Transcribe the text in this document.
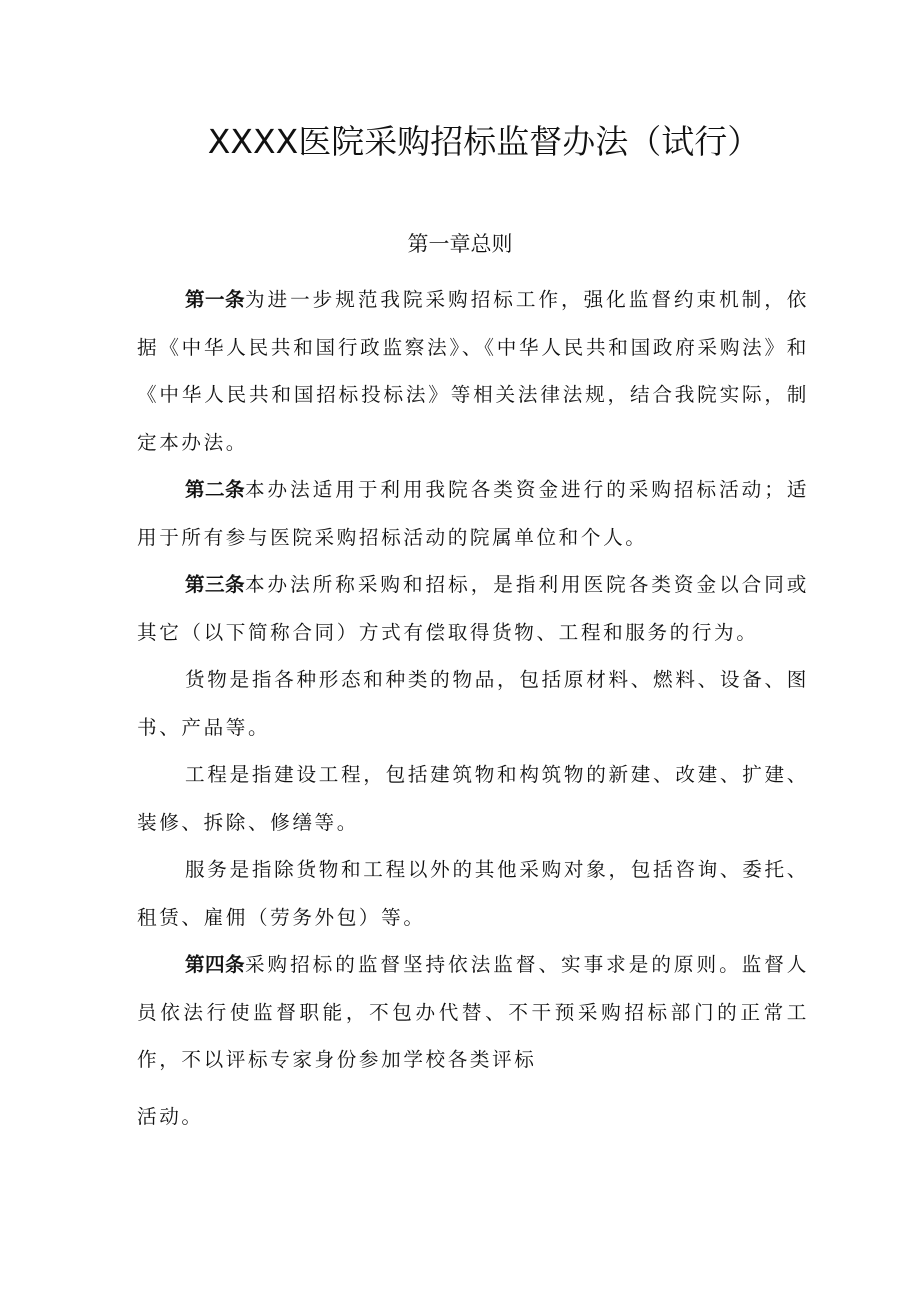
XXXX医院采购招标监督办法（试行）
第一章总则

第一条为进一步规范我院采购招标工作，强化监督约束机制，依据《中华人民共和国行政监察法》、《中华人民共和国政府采购法》和《中华人民共和国招标投标法》等相关法律法规，结合我院实际，制定本办法。

第二条本办法适用于利用我院各类资金进行的采购招标活动；适用于所有参与医院采购招标活动的院属单位和个人。

第三条本办法所称采购和招标，是指利用医院各类资金以合同或其它（以下简称合同）方式有偿取得货物、工程和服务的行为。

货物是指各种形态和种类的物品，包括原材料、燃料、设备、图书、产品等。

工程是指建设工程，包括建筑物和构筑物的新建、改建、扩建、装修、拆除、修缮等。

服务是指除货物和工程以外的其他采购对象，包括咨询、委托、租赁、雇佣（劳务外包）等。

第四条采购招标的监督坚持依法监督、实事求是的原则。监督人员依法行使监督职能，不包办代替、不干预采购招标部门的正常工作，不以评标专家身份参加学校各类评标

活动。
